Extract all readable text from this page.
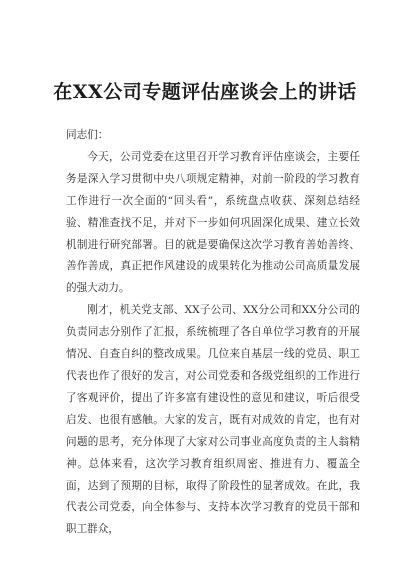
在XX公司专题评估座谈会上的讲话

同志们：

今天，公司党委在这里召开学习教育评估座谈会，主要任务是深入学习贯彻中央八项规定精神，对前一阶段的学习教育工作进行一次全面的“回头看”，系统盘点收获、深刻总结经验、精准查找不足，并对下一步如何巩固深化成果、建立长效机制进行研究部署。目的就是要确保这次学习教育善始善终、善作善成，真正把作风建设的成果转化为推动公司高质量发展的强大动力。

刚才，机关党支部、XX子公司、XX分公司和XX分公司的负责同志分别作了汇报，系统梳理了各自单位学习教育的开展情况、自查自纠的整改成果。几位来自基层一线的党员、职工代表也作了很好的发言，对公司党委和各级党组织的工作进行了客观评价，提出了许多富有建设性的意见和建议，听后很受启发、也很有感触。大家的发言，既有对成效的肯定，也有对问题的思考，充分体现了大家对公司事业高度负责的主人翁精神。总体来看，这次学习教育组织周密、推进有力、覆盖全面，达到了预期的目标，取得了阶段性的显著成效。在此，我代表公司党委，向全体参与、支持本次学习教育的党员干部和职工群众，
